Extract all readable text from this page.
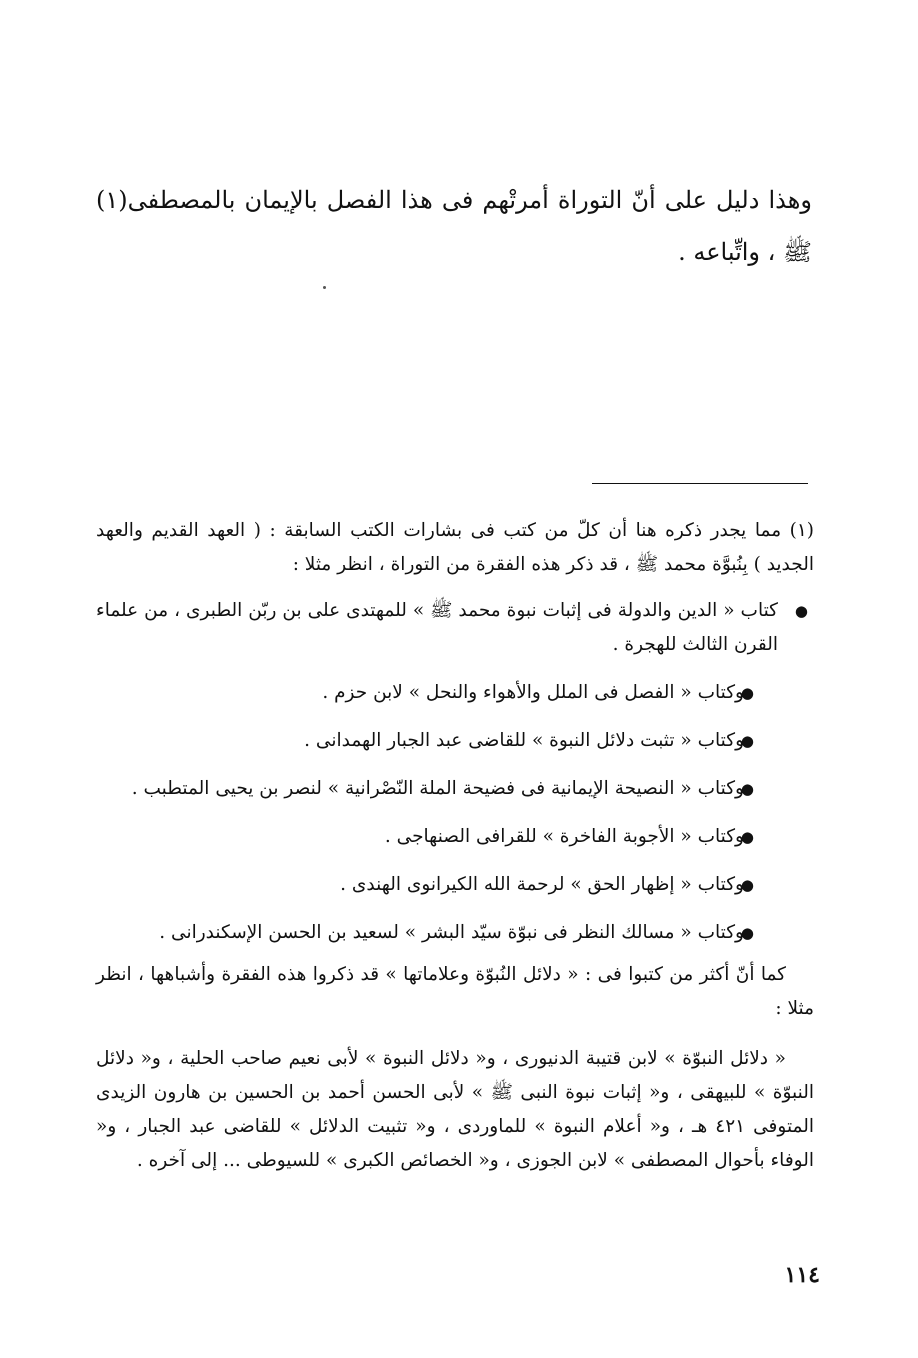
وهذا دليل على أنّ التوراة أمرتْهم فى هذا الفصل بالإيمان بالمصطفى(١) ﷺ ، واتِّباعه .

(١) مما يجدر ذكره هنا أن كلّ من كتب فى بشارات الكتب السابقة : ( العهد القديم والعهد الجديد ) بِنُبوَّة محمد ﷺ ، قد ذكر هذه الفقرة من التوراة ، انظر مثلا :

●
كتاب « الدين والدولة فى إثبات نبوة محمد ﷺ » للمهتدى على بن ربّن الطبرى ، من علماء القرن الثالث للهجرة .
●
وكتاب « الفصل فى الملل والأهواء والنحل » لابن حزم .
●
وكتاب « تثبت دلائل النبوة » للقاضى عبد الجبار الهمدانى .
●
وكتاب « النصيحة الإيمانية فى فضيحة الملة النّصْرانية » لنصر بن يحيى المتطبب .
●
وكتاب « الأجوبة الفاخرة » للقرافى الصنهاجى .
●
وكتاب « إظهار الحق » لرحمة الله الكيرانوى الهندى .
●
وكتاب « مسالك النظر فى نبوّة سيّد البشر » لسعيد بن الحسن الإسكندرانى .

كما أنّ أكثر من كتبوا فى : « دلائل النُبوّة وعلاماتها » قد ذكروا هذه الفقرة وأشباهها ، انظر مثلا :

« دلائل النبوّة » لابن قتيبة الدنيورى ، و« دلائل النبوة » لأبى نعيم صاحب الحلية ، و« دلائل النبوّة » للبيهقى ، و« إثبات نبوة النبى ﷺ » لأبى الحسن أحمد بن الحسين بن هارون الزيدى المتوفى ٤٢١ هـ ، و« أعلام النبوة » للماوردى ، و« تثبيت الدلائل » للقاضى عبد الجبار ، و« الوفاء بأحوال المصطفى » لابن الجوزى ، و« الخصائص الكبرى » للسيوطى ... إلى آخره .

١١٤
